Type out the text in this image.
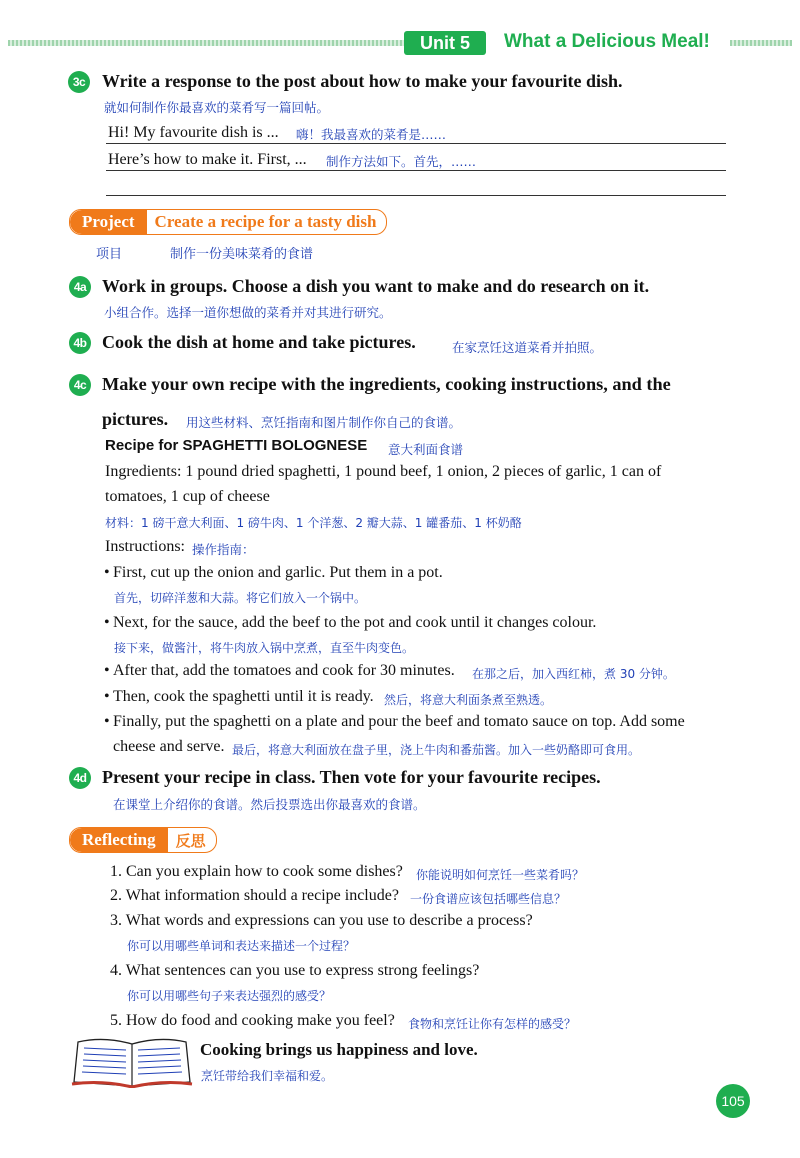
Unit 5	What a Delicious Meal!
3c Write a response to the post about how to make your favourite dish.
就如何制作你最喜欢的菜肴写一篇回帖。
Hi! My favourite dish is ... 嗨！我最喜欢的菜肴是……
Here’s how to make it. First, ... 制作方法如下。首先，……
Project	Create a recipe for a tasty dish
项目	制作一份美味菜肴的食谱
4a Work in groups. Choose a dish you want to make and do research on it.
小组合作。选择一道你想做的菜肴并对其进行研究。
4b Cook the dish at home and take pictures.	在家烹饪这道菜肴并拍照。
4c Make your own recipe with the ingredients, cooking instructions, and the
pictures. 用这些材料、烹饪指南和图片制作你自己的食谱。
Recipe for SPAGHETTI BOLOGNESE 意大利面食谱
Ingredients: 1 pound dried spaghetti, 1 pound beef, 1 onion, 2 pieces of garlic, 1 can of
tomatoes, 1 cup of cheese
材料：1 磅干意大利面、1 磅牛肉、1 个洋葱、2 瓣大蒜、1 罐番茄、1 杯奶酪
Instructions: 操作指南：
• First, cut up the onion and garlic. Put them in a pot.
首先，切碎洋葱和大蒜。将它们放入一个锅中。
• Next, for the sauce, add the beef to the pot and cook until it changes colour.
接下来，做酱汁，将牛肉放入锅中烹煮，直至牛肉变色。
• After that, add the tomatoes and cook for 30 minutes. 在那之后，加入西红柿，煮 30 分钟。
• Then, cook the spaghetti until it is ready. 然后，将意大利面条煮至熟透。
• Finally, put the spaghetti on a plate and pour the beef and tomato sauce on top. Add some
cheese and serve. 最后，将意大利面放在盘子里，浇上牛肉和番茄酱。加入一些奶酪即可食用。
4d Present your recipe in class. Then vote for your favourite recipes.
在课堂上介绍你的食谱。然后投票选出你最喜欢的食谱。
Reflecting	反思
1. Can you explain how to cook some dishes? 你能说明如何烹饪一些菜肴吗？
2. What information should a recipe include? 一份食谱应该包括哪些信息？
3. What words and expressions can you use to describe a process?
你可以用哪些单词和表达来描述一个过程？
4. What sentences can you use to express strong feelings?
你可以用哪些句子来表达强烈的感受？
5. How do food and cooking make you feel? 食物和烹饪让你有怎样的感受？
Cooking brings us happiness and love.
烹饪带给我们幸福和爱。
105
